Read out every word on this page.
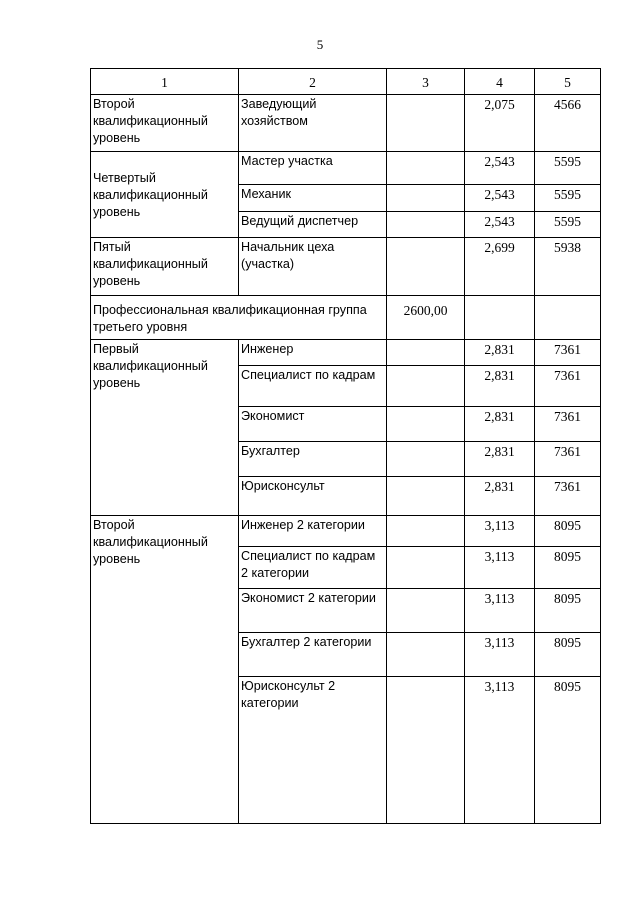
5
1	2	3	4	5
Второй квалификационный уровень	Заведующий хозяйством		2,075	4566
Четвертый квалификационный уровень	Мастер участка		2,543	5595
	Механик		2,543	5595
	Ведущий диспетчер		2,543	5595
Пятый квалификационный уровень	Начальник цеха (участка)		2,699	5938
Профессиональная квалификационная группа   третьего уровня		2600,00		
Первый квалификационный уровень	Инженер		2,831	7361
	Специалист по кадрам		2,831	7361
	Экономист		2,831	7361
	Бухгалтер		2,831	7361
	Юрисконсульт		2,831	7361
Второй квалификационный уровень	Инженер 2 категории		3,113	8095
	Специалист по кадрам 2 категории		3,113	8095
	Экономист 2 категории		3,113	8095
	Бухгалтер 2 категории		3,113	8095
	Юрисконсульт 2 категории		3,113	8095
